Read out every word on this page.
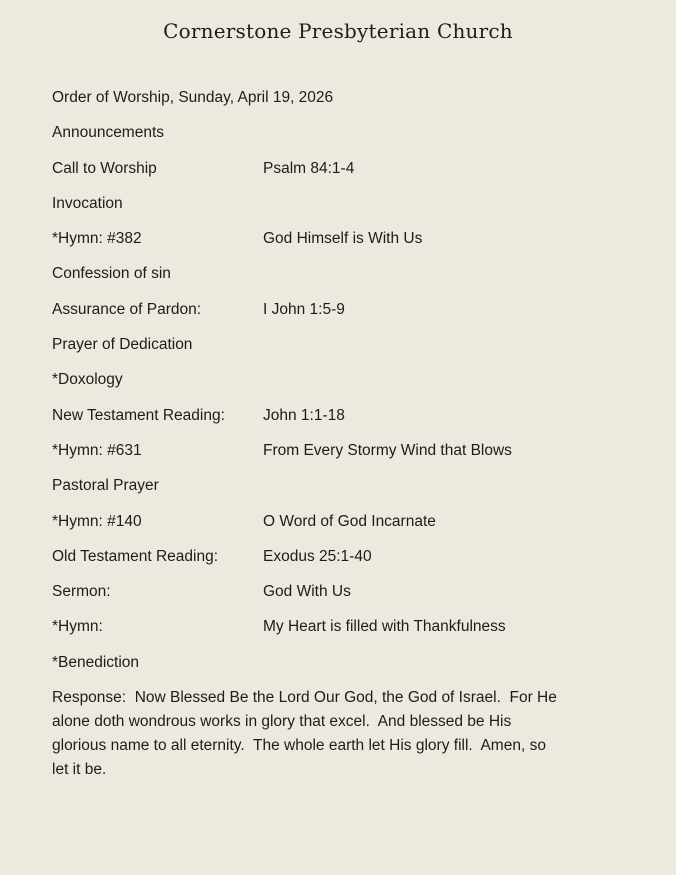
Cornerstone Presbyterian Church
Order of Worship, Sunday, April 19, 2026
Announcements
Call to Worship	Psalm 84:1-4
Invocation
*Hymn: #382	God Himself is With Us
Confession of sin
Assurance of Pardon:	I John 1:5-9
Prayer of Dedication
*Doxology
New Testament Reading:	John 1:1-18
*Hymn: #631	From Every Stormy Wind that Blows
Pastoral Prayer
*Hymn: #140	O Word of God Incarnate
Old Testament Reading:	Exodus 25:1-40
Sermon:	God With Us
*Hymn:	My Heart is filled with Thankfulness
*Benediction
Response:  Now Blessed Be the Lord Our God, the God of Israel.  For He
alone doth wondrous works in glory that excel.  And blessed be His
glorious name to all eternity.  The whole earth let His glory fill.  Amen, so
let it be.
